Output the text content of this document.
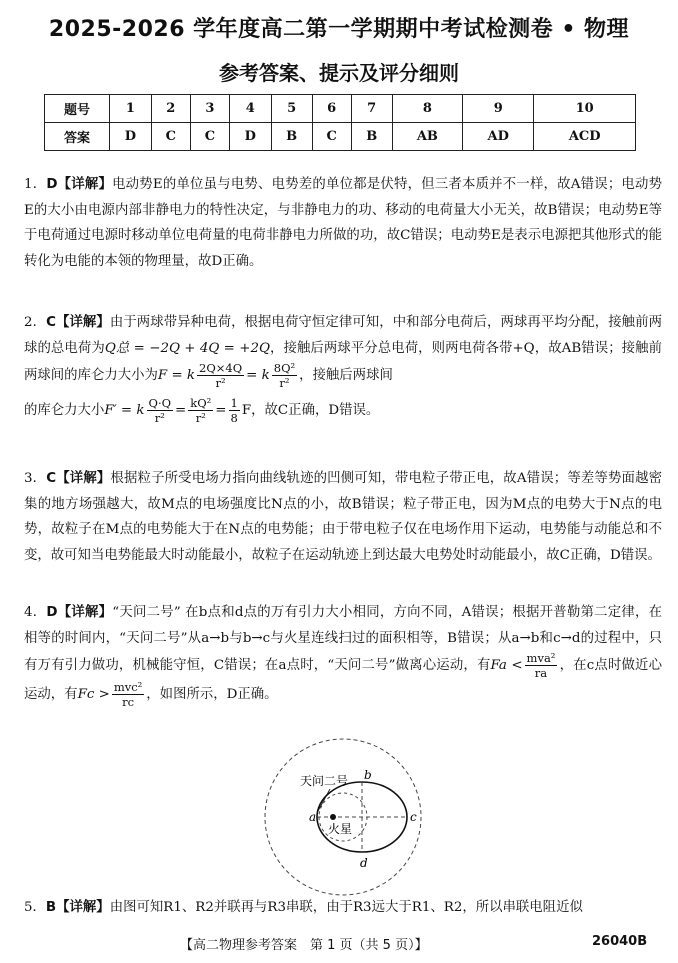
2025-2026 学年度高二第一学期期中考试检测卷 • 物理
参考答案、提示及评分细则
题号	1	2	3	4	5	6	7	8	9	10
答案	D	C	C	D	B	C	B	AB	AD	ACD

1．D【详解】电动势E的单位虽与电势、电势差的单位都是伏特，但三者本质并不一样，故A错误；电动势E的大小由电源内部非静电力的特性决定，与非静电力的功、移动的电荷量大小无关，故B错误；电动势E等于电荷通过电源时移动单位电荷量的电荷非静电力所做的功，故C错误；电动势E是表示电源把其他形式的能转化为电能的本领的物理量，故D正确。

2．C【详解】由于两球带异种电荷，根据电荷守恒定律可知，中和部分电荷后，两球再平均分配，接触前两球的总电荷为Q总 = −2Q + 4Q = +2Q，接触后两球平分总电荷，则两电荷各带+Q，故AB错误；接触前两球间的库仑力大小为F = k $\frac{2Q\times 4Q}{\text{r²}} = k \frac{\text{8Q²}}{\text{r²}}$ ，接触后两球间

的库仑力大小F′ = k $\frac{Q\cdot Q}{\text{r²}} = \frac{\text{kQ²}}{\text{r²}} = \frac{1}{8}$ F，故C正确，D错误。

3．C【详解】根据粒子所受电场力指向曲线轨迹的凹侧可知，带电粒子带正电，故A错误；等差等势面越密集的地方场强越大，故M点的电场强度比N点的小，故B错误；粒子带正电，因为M点的电势大于N点的电势，故粒子在M点的电势能大于在N点的电势能；由于带电粒子仅在电场作用下运动，电势能与动能总和不变，故可知当电势能最大时动能最小，故粒子在运动轨迹上到达最大电势处时动能最小，故C正确，D错误。

4．D【详解】“天问二号” 在b点和d点的万有引力大小相同，方向不同，A错误；根据开普勒第二定律，在相等的时间内，“天问二号”从a→b与b→c与火星连线扫过的面积相等，B错误；从a→b和c→d的过程中，只有万有引力做功，机械能守恒，C错误；在a点时，“天问二号”做离心运动，有$Fa < \frac{\text{mva²}}{ra}$ ，在c点时做近心运动，有$Fc > \frac{\text{mvc²}}{rc}$ ，如图所示，D正确。

天问二号
火星
a
b
c
d

5．B【详解】由图可知R1、R2并联再与R3串联，由于R3远大于R1、R2，所以串联电阻近似

【高二物理参考答案　第 1 页（共 5 页）】	26040B
